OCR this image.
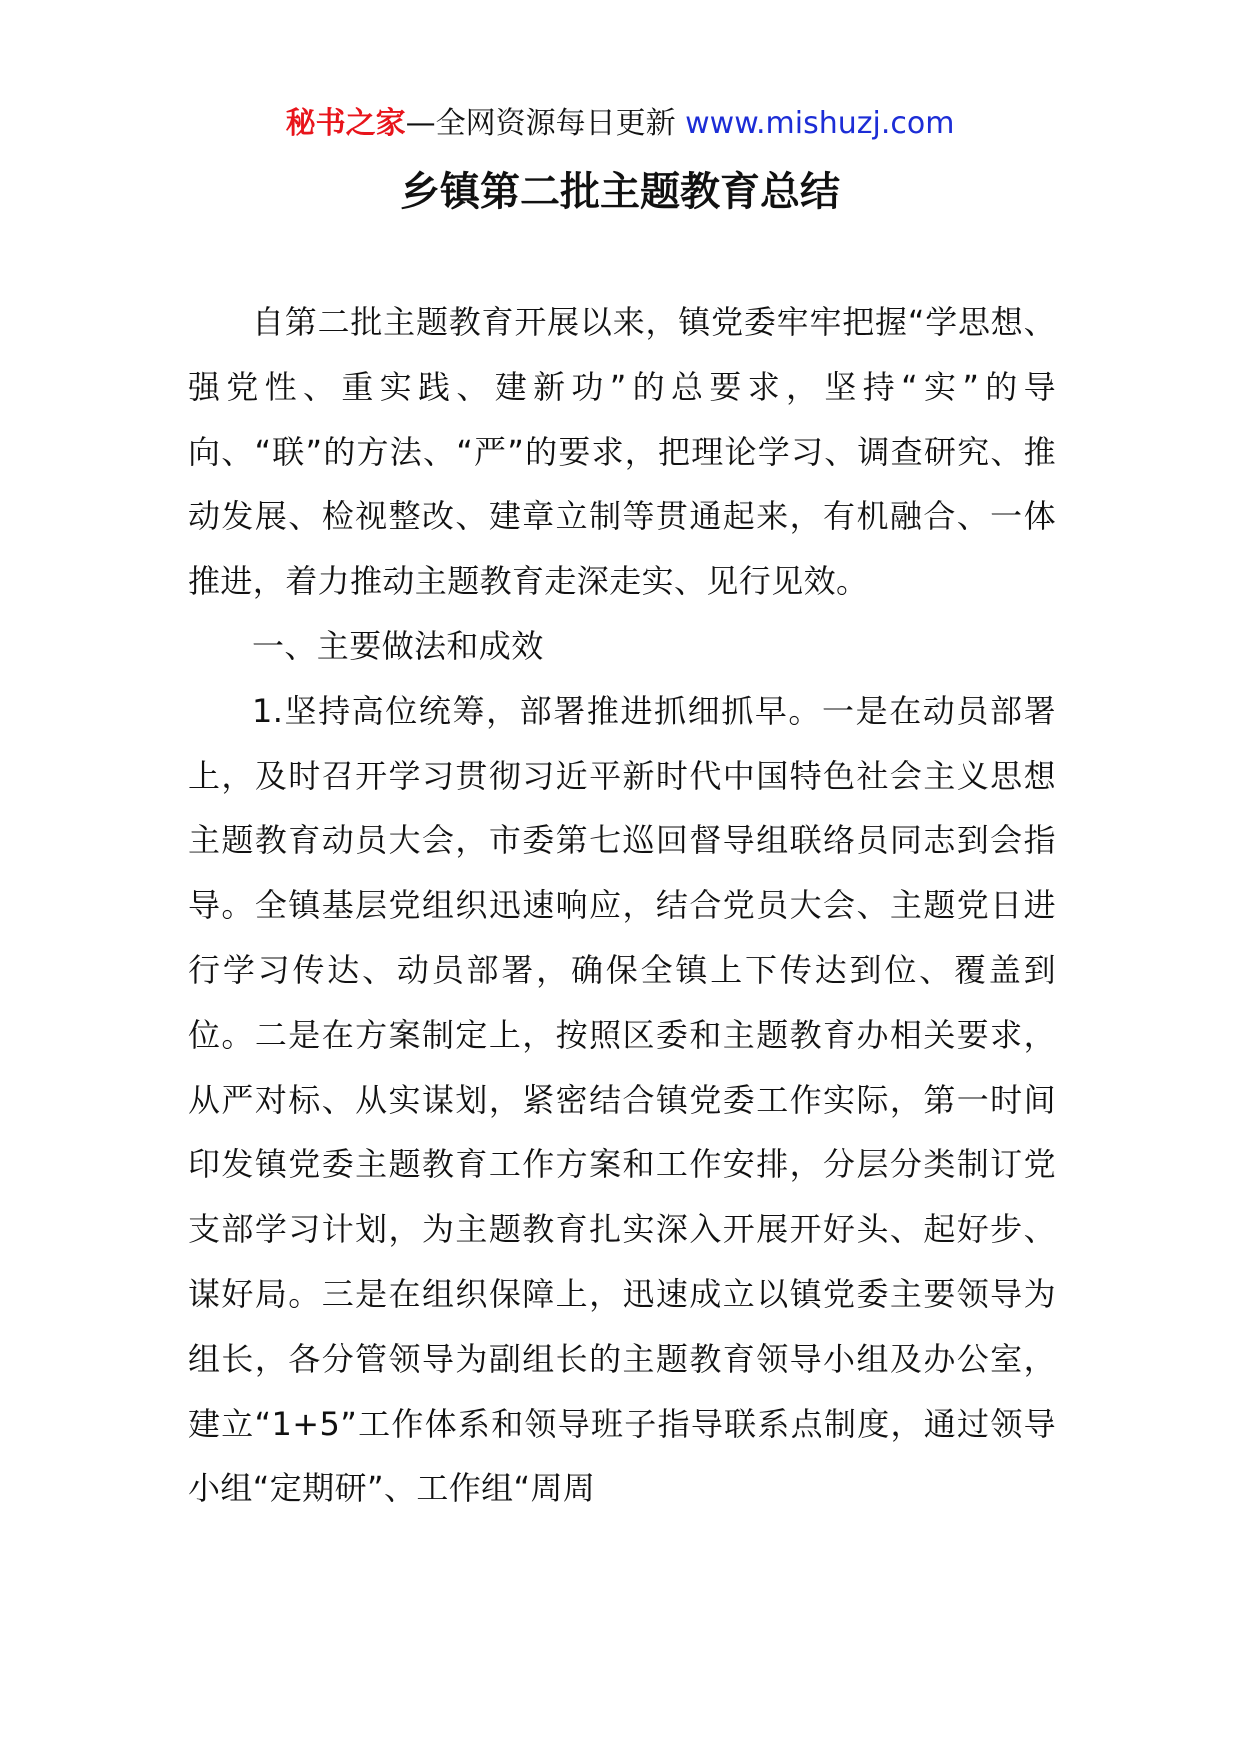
秘书之家—全网资源每日更新 www.mishuzj.com
乡镇第二批主题教育总结

自第二批主题教育开展以来，镇党委牢牢把握“学思想、强党性、重实践、建新功”的总要求，坚持“实”的导向、“联”的方法、“严”的要求，把理论学习、调查研究、推动发展、检视整改、建章立制等贯通起来，有机融合、一体推进，着力推动主题教育走深走实、见行见效。

一、主要做法和成效

1.坚持高位统筹，部署推进抓细抓早。一是在动员部署上，及时召开学习贯彻习近平新时代中国特色社会主义思想主题教育动员大会，市委第七巡回督导组联络员同志到会指导。全镇基层党组织迅速响应，结合党员大会、主题党日进行学习传达、动员部署，确保全镇上下传达到位、覆盖到位。二是在方案制定上，按照区委和主题教育办相关要求，从严对标、从实谋划，紧密结合镇党委工作实际，第一时间印发镇党委主题教育工作方案和工作安排，分层分类制订党支部学习计划，为主题教育扎实深入开展开好头、起好步、谋好局。三是在组织保障上，迅速成立以镇党委主要领导为组长，各分管领导为副组长的主题教育领导小组及办公室，建立“1+5”工作体系和领导班子指导联系点制度，通过领导小组“定期研”、工作组“周周
